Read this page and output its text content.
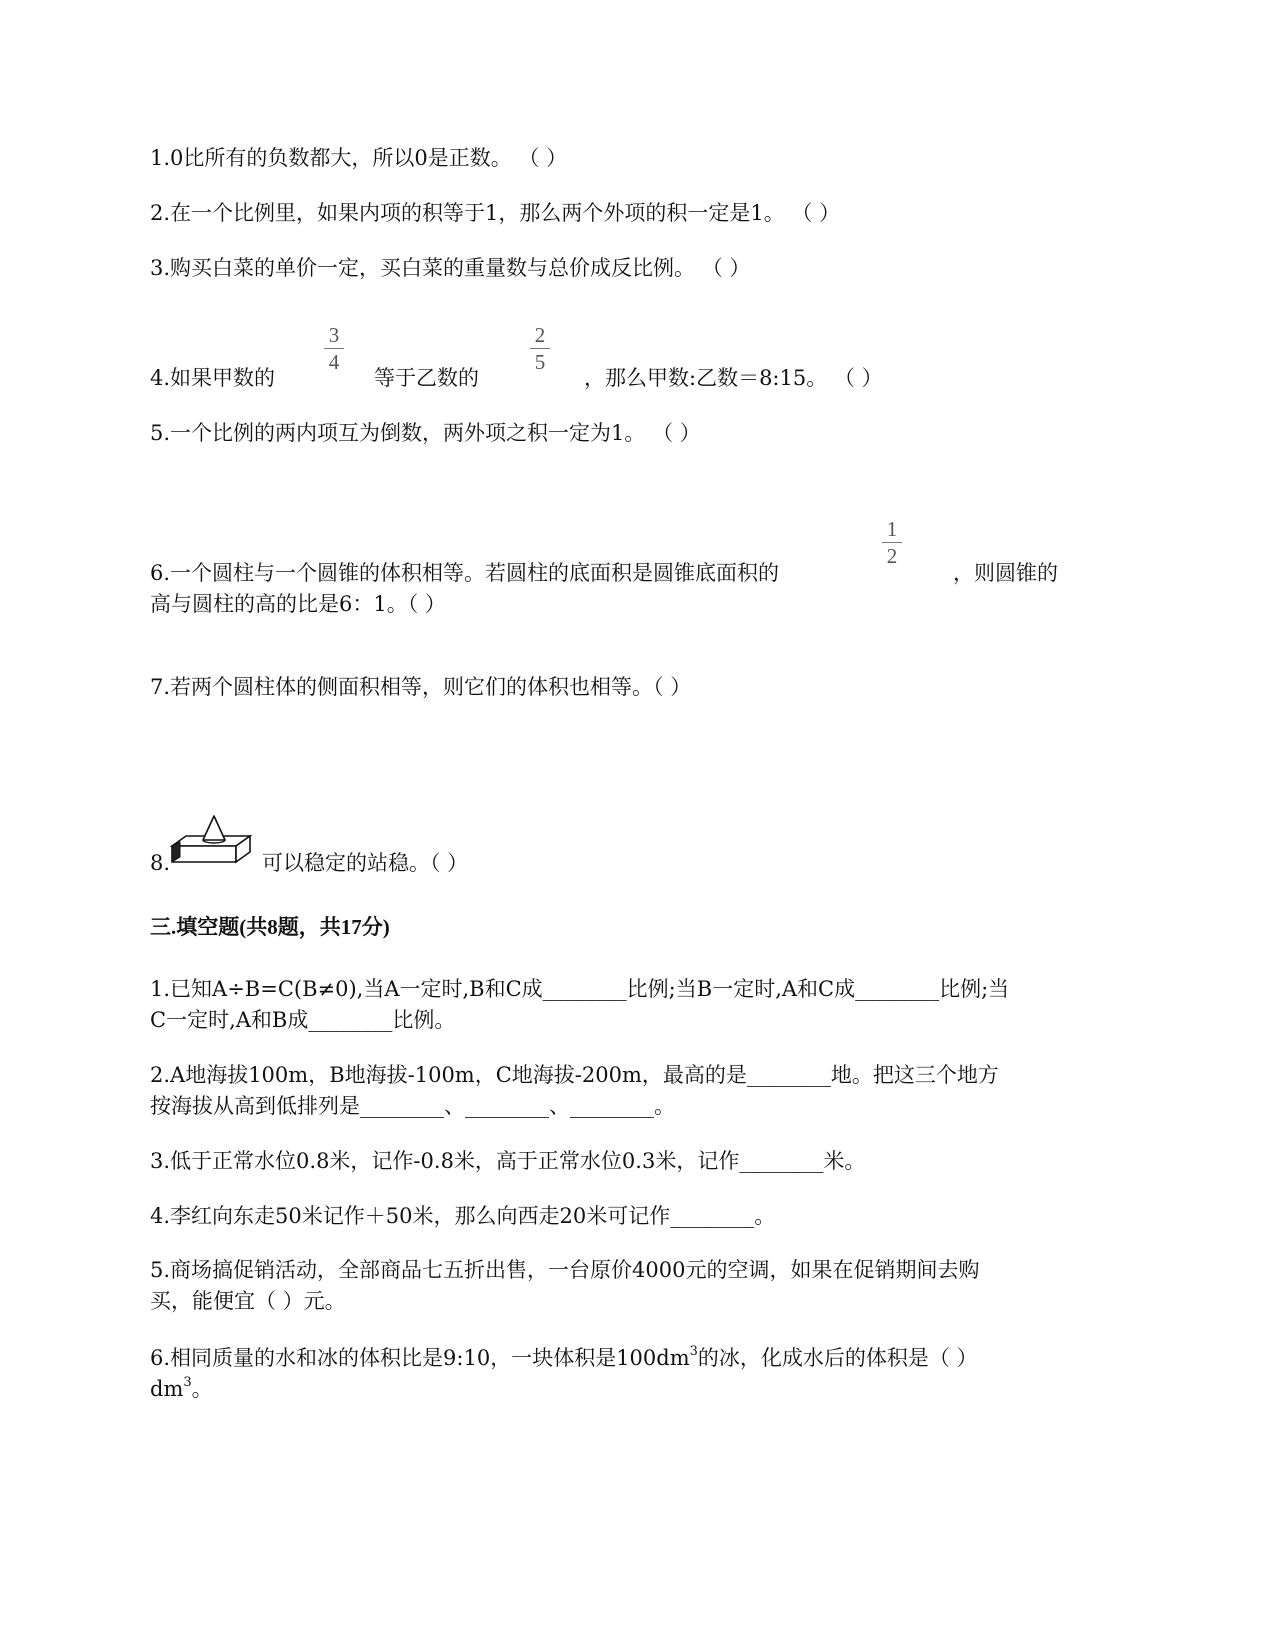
1.0比所有的负数都大，所以0是正数。 （ ）
2.在一个比例里，如果内项的积等于1，那么两个外项的积一定是1。 （ ）
3.购买白菜的单价一定，买白菜的重量数与总价成反比例。 （ ）
4.如果甲数的
3
4
等于乙数的
2
5
，那么甲数:乙数＝8:15。 （ ）
5.一个比例的两内项互为倒数，两外项之积一定为1。 （ ）
6.一个圆柱与一个圆锥的体积相等。若圆柱的底面积是圆锥底面积的
1
2
，则圆锥的
高与圆柱的高的比是6：1。（ ）
7.若两个圆柱体的侧面积相等，则它们的体积也相等。（ ）
8.	可以稳定的站稳。（ ）
三.填空题(共8题，共17分)
1.已知A÷B=C(B≠0),当A一定时,B和C成________比例;当B一定时,A和C成________比例;当
C一定时,A和B成________比例。
2.A地海拔100m，B地海拔-100m，C地海拔-200m，最高的是________地。把这三个地方
按海拔从高到低排列是________、________、________。
3.低于正常水位0.8米，记作-0.8米，高于正常水位0.3米，记作________米。
4.李红向东走50米记作＋50米，那么向西走20米可记作________。
5.商场搞促销活动，全部商品七五折出售，一台原价4000元的空调，如果在促销期间去购
买，能便宜（ ）元。
6.相同质量的水和冰的体积比是9:10，一块体积是$100dm^3$的冰，化成水后的体积是（ ）
$dm^3$。
